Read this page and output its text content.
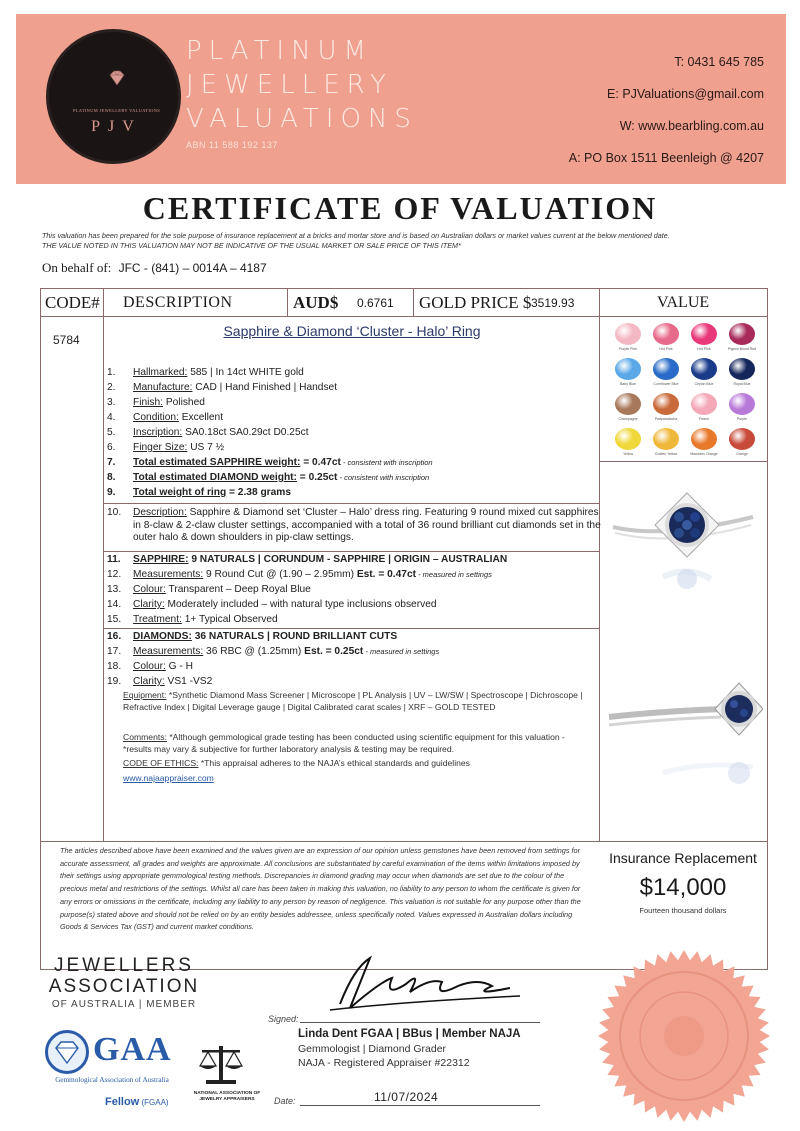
PLATINUM JEWELLERY VALUATIONS
PJV
PLATINUM
JEWELLERY
VALUATIONS
ABN 11 588 192 137
T: 0431 645 785
E: PJValuations@gmail.com
W: www.bearbling.com.au
A: PO Box 1511 Beenleigh @ 4207
CERTIFICATE OF VALUATION
This valuation has been prepared for the sole purpose of insurance replacement at a bricks and mortar store and is based on Australian dollars or market values current at the below mentioned date.
THE VALUE NOTED IN THIS VALUATION MAY NOT BE INDICATIVE OF THE USUAL MARKET OR SALE PRICE OF THIS ITEM*
On behalf of: JFC - (841) – 0014A – 4187
CODE# DESCRIPTION	AUD$ 0.6761 GOLD PRICE $ 3519.93	VALUE
5784
Sapphire & Diamond ‘Cluster - Halo’ Ring
Purple Pink	Hot Pink	Hot Pink	Pigeon Blood Red
Baby Blue	Cornflower Blue	Ceylon Blue	Royal Blue
Champagne	Padparadscha	Peach	Purple
Yellow	Golden Yellow	Mandarin Orange	Orange
1.	Hallmarked: 585 | In 14ct WHITE gold
2.	Manufacture: CAD | Hand Finished | Handset
3.	Finish: Polished
4.	Condition: Excellent
5.	Inscription: SA0.18ct SA0.29ct D0.25ct
6.	Finger Size: US 7 ½
7.	Total estimated SAPPHIRE weight: = 0.47ct - consistent with inscription
8.	Total estimated DIAMOND weight: = 0.25ct - consistent with inscription
9.	Total weight of ring = 2.38 grams
10.	Description: Sapphire & Diamond set ‘Cluster – Halo’ dress ring. Featuring 9 round mixed cut sapphires in 8-claw & 2-claw cluster settings, accompanied with a total of 36 round brilliant cut diamonds set in the outer halo & down shoulders in pip-claw settings.
11.	SAPPHIRE: 9 NATURALS | CORUNDUM - SAPPHIRE | ORIGIN – AUSTRALIAN
12.	Measurements: 9 Round Cut @ (1.90 – 2.95mm) Est. = 0.47ct - measured in settings
13.	Colour: Transparent – Deep Royal Blue
14.	Clarity: Moderately included – with natural type inclusions observed
15.	Treatment: 1+ Typical Observed
16.	DIAMONDS: 36 NATURALS | ROUND BRILLIANT CUTS
17.	Measurements: 36 RBC @ (1.25mm) Est. = 0.25ct - measured in settings
18.	Colour: G - H
19.	Clarity: VS1 -VS2
Equipment: *Synthetic Diamond Mass Screener | Microscope | PL Analysis | UV – LW/SW | Spectroscope | Dichroscope | Refractive Index | Digital Leverage gauge | Digital Calibrated carat scales | XRF – GOLD TESTED
Comments: *Although gemmological grade testing has been conducted using scientific equipment for this valuation - *results may vary & subjective for further laboratory analysis & testing may be required.
CODE OF ETHICS: *This appraisal adheres to the NAJA’s ethical standards and guidelines
www.najaappraiser.com
The articles described above have been examined and the values given are an expression of our opinion unless gemstones have been removed from settings for accurate assessment, all grades and weights are approximate. All conclusions are substantiated by careful examination of the items within limitations imposed by their settings using appropriate gemmological testing methods. Discrepancies in diamond grading may occur when diamonds are set due to the colour of the precious metal and restrictions of the settings. Whilst all care has been taken in making this valuation, no liability to any person to whom the certificate is given for any errors or omissions in the certificate, including any liability to any person by reason of negligence. This valuation is not suitable for any purpose other than the purpose(s) stated above and should not be relied on by an entity besides addressee, unless specifically noted. Values expressed in Australian dollars including Goods & Services Tax (GST) and current market conditions.
Insurance Replacement
$14,000
Fourteen thousand dollars
JEWELLERS
ASSOCIATION
OF AUSTRALIA | MEMBER
GAA
Gemmological Association of Australia
Fellow (FGAA)
NATIONAL ASSOCIATION OF
JEWELRY APPRAISERS
Signed:
Linda Dent FGAA | BBus | Member NAJA
Gemmologist | Diamond Grader
NAJA - Registered Appraiser #22312
Date:	11/07/2024
